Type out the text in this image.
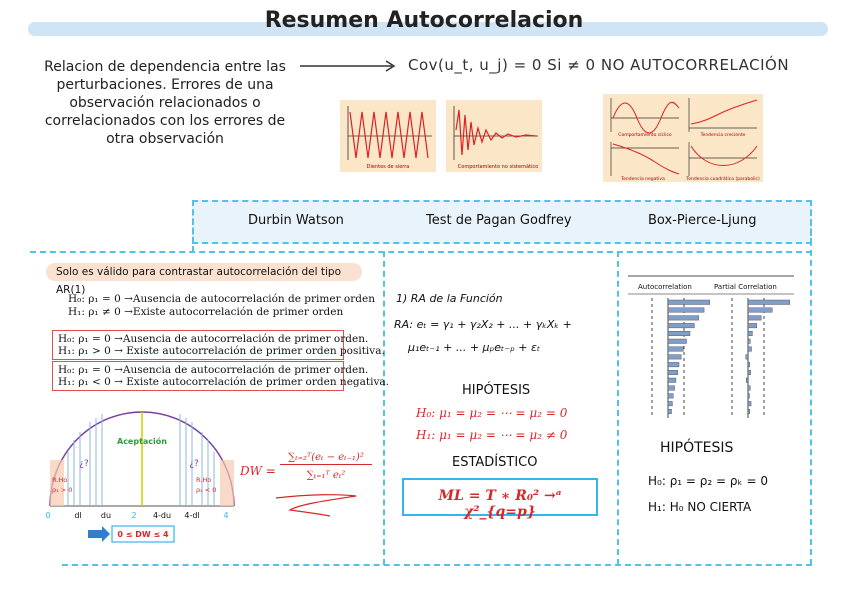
Resumen Autocorrelacion
Relacion de dependencia entre las perturbaciones. Errores de una observación relacionados o correlacionados con los errores de otra observación
Cov(u_t, u_j) = 0 Si ≠ 0 NO AUTOCORRELACIÓN
Dientes de sierra	Comportamiento no sistemático
Comportamiento cíclico	Tendencia creciente
Tendencia negativa	Tendencia cuadrática (parabolic)
Durbin Watson	Test de Pagan Godfrey	Box-Pierce-Ljung
Solo es válido para contrastar autocorrelación del tipo AR(1)
H₀: ρ₁ = 0 →Ausencia de autocorrelación de primer orden
H₁: ρ₁ ≠ 0 →Existe autocorrelación de primer orden
H₀: ρ₁ = 0 →Ausencia de autocorrelación de primer orden.
H₁: ρ₁ > 0 → Existe autocorrelación de primer orden positiva.
H₀: ρ₁ = 0 →Ausencia de autocorrelación de primer orden.
H₁: ρ₁ < 0 → Existe autocorrelación de primer orden negativa.
Aceptación
¿?	¿?
R.Ho
ρ₁ > 0
R.Ho
ρ₁ < 0
0	dl du	2 4-du 4-dl	4
0 ≤ DW ≤ 4
DW =
∑ₜ₌₂ᵀ(eₜ − eₜ₋₁)²
∑ₜ₌₁ᵀ eₜ²
1) RA de la Función
RA: eₜ = γ₁ + γ₂X₂ + ... + γₖXₖ +
μ₁eₜ₋₁ + ... + μₚeₜ₋ₚ + εₜ
HIPÓTESIS
H₀: μ₁ = μ₂ = ⋯ = μ₂ = 0
H₁: μ₁ = μ₂ = ⋯ = μ₂ ≠ 0
ESTADÍSTICO
ML = T ∗ R₀² →ᵃ χ²_{q=p}
Autocorrelation	Partial Correlation
HIPÓTESIS
H₀: ρ₁ = ρ₂ = ρₖ = 0
H₁: H₀ NO CIERTA
